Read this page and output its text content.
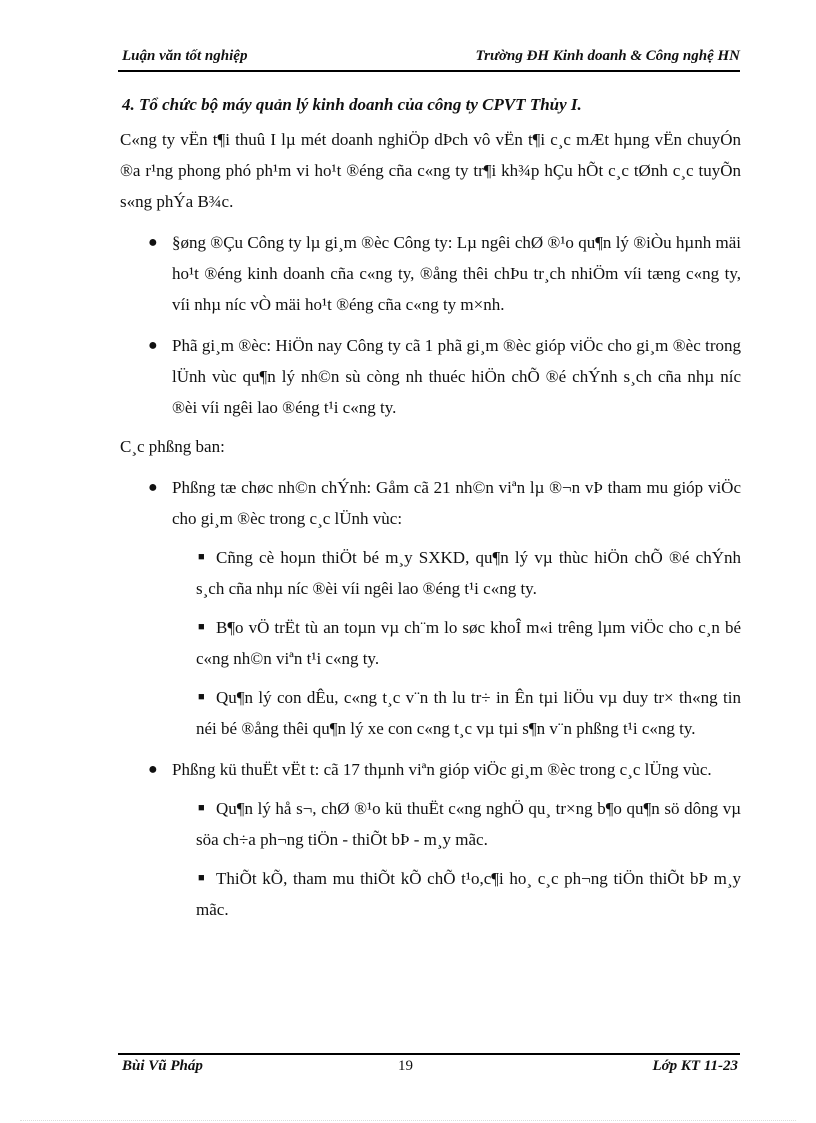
Luận văn tốt nghiệp	Trường ĐH Kinh doanh & Công nghệ HN

4. Tổ chức bộ máy quản lý kinh doanh của công ty CPVT Thủy I.

C«ng ty vËn t¶i thuû I lµ mét doanh nghiÖp dÞch vô vËn t¶i c¸c mÆt hµng vËn chuyÓn ®a r¹ng phong phó ph¹m vi ho¹t ®éng cña c«ng ty tr¶i kh¾p hÇu hÕt c¸c tØnh c¸c tuyÕn s«ng phÝa B¾c.

● §øng ®Çu Công ty lµ gi¸m ®èc Công ty: Lµ ngêi chØ ®¹o qu¶n lý ®iÒu hµnh mäi ho¹t ®éng kinh doanh cña c«ng ty, ®ång thêi chÞu tr¸ch nhiÖm víi tæng c«ng ty, víi nhµ níc vÒ mäi ho¹t ®éng cña c«ng ty m×nh.
● Phã gi¸m ®èc: HiÖn nay Công ty cã 1 phã gi¸m ®èc gióp viÖc cho gi¸m ®èc trong lÜnh vùc qu¶n lý nh©n sù còng nh thuéc hiÖn chÕ ®é chÝnh s¸ch cña nhµ níc ®èi víi ngêi lao ®éng t¹i c«ng ty.

C¸c phßng ban:

● Phßng tæ chøc nh©n chÝnh: Gåm cã 21 nh©n viªn lµ ®¬n vÞ tham mu gióp viÖc cho gi¸m ®èc trong c¸c lÜnh vùc:
■ Cñng cè hoµn thiÖt bé m¸y SXKD, qu¶n lý vµ thùc hiÖn chÕ ®é chÝnh s¸ch cña nhµ níc ®èi víi ngêi lao ®éng t¹i c«ng ty.
■ B¶o vÖ trËt tù an toµn vµ ch¨m lo søc khoÎ m«i trêng lµm viÖc cho c¸n bé c«ng nh©n viªn t¹i c«ng ty.
■ Qu¶n lý con dÊu, c«ng t¸c v¨n th lu tr÷ in Ên tµi liÖu vµ duy tr× th«ng tin néi bé ®ång thêi qu¶n lý xe con c«ng t¸c vµ tµi s¶n v¨n phßng t¹i c«ng ty.
● Phßng kü thuËt vËt t: cã 17 thµnh viªn gióp viÖc gi¸m ®èc trong c¸c lÜng vùc.
■ Qu¶n lý hå s¬, chØ ®¹o kü thuËt c«ng nghÖ qu¸ tr×ng b¶o qu¶n sö dông vµ söa ch÷a ph¬ng tiÖn - thiÕt bÞ - m¸y mãc.
■ ThiÕt kÕ, tham mu thiÕt kÕ chÕ t¹o,c¶i ho¸ c¸c ph¬ng tiÖn thiÕt bÞ m¸y mãc.
Bùi Vũ Pháp	19	Lớp KT 11-23
